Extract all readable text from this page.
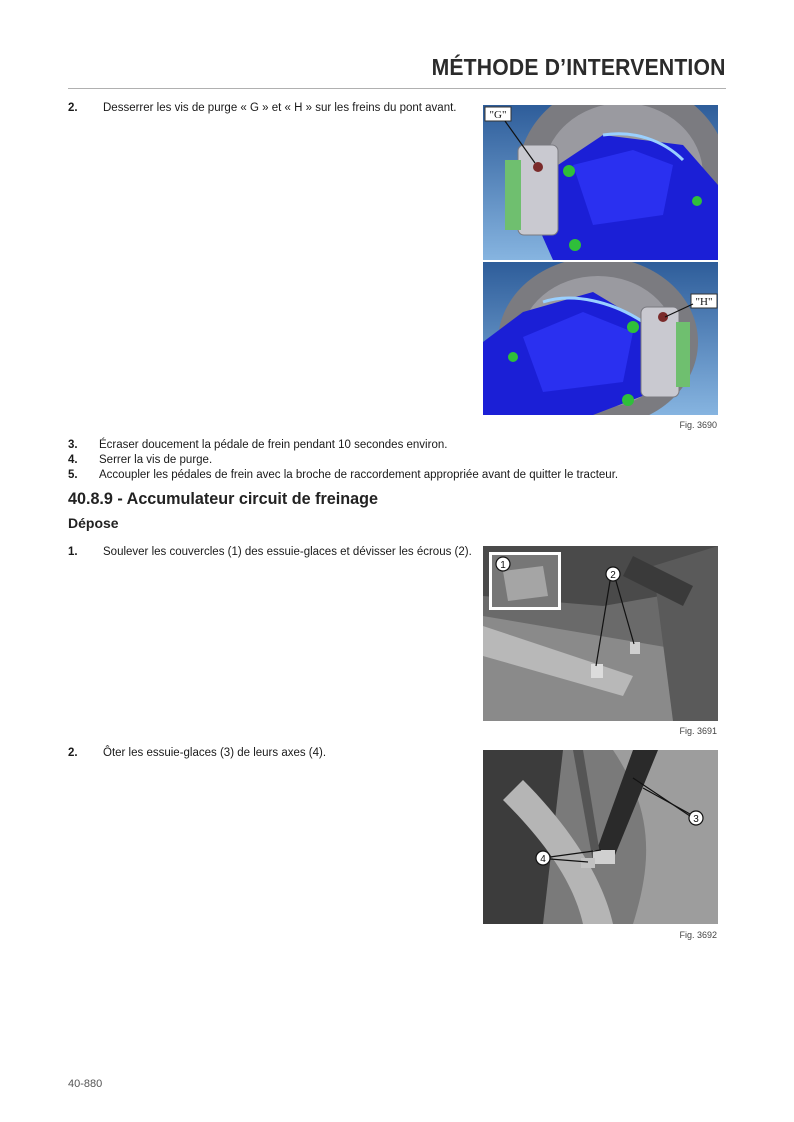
MÉTHODE D’INTERVENTION
2. Desserrer les vis de purge « G » et « H » sur les freins du pont avant.
"G"
"H"
Fig. 3690
3. Écraser doucement la pédale de frein pendant 10 secondes environ.
4. Serrer la vis de purge.
5. Accoupler les pédales de frein avec la broche de raccordement appropriée avant de quitter le tracteur.
40.8.9 - Accumulateur circuit de freinage
Dépose
1. Soulever les couvercles (1) des essuie-glaces et dévisser les écrous (2).
1
2
Fig. 3691
2. Ôter les essuie-glaces (3) de leurs axes (4).
3
4
Fig. 3692
40-880
